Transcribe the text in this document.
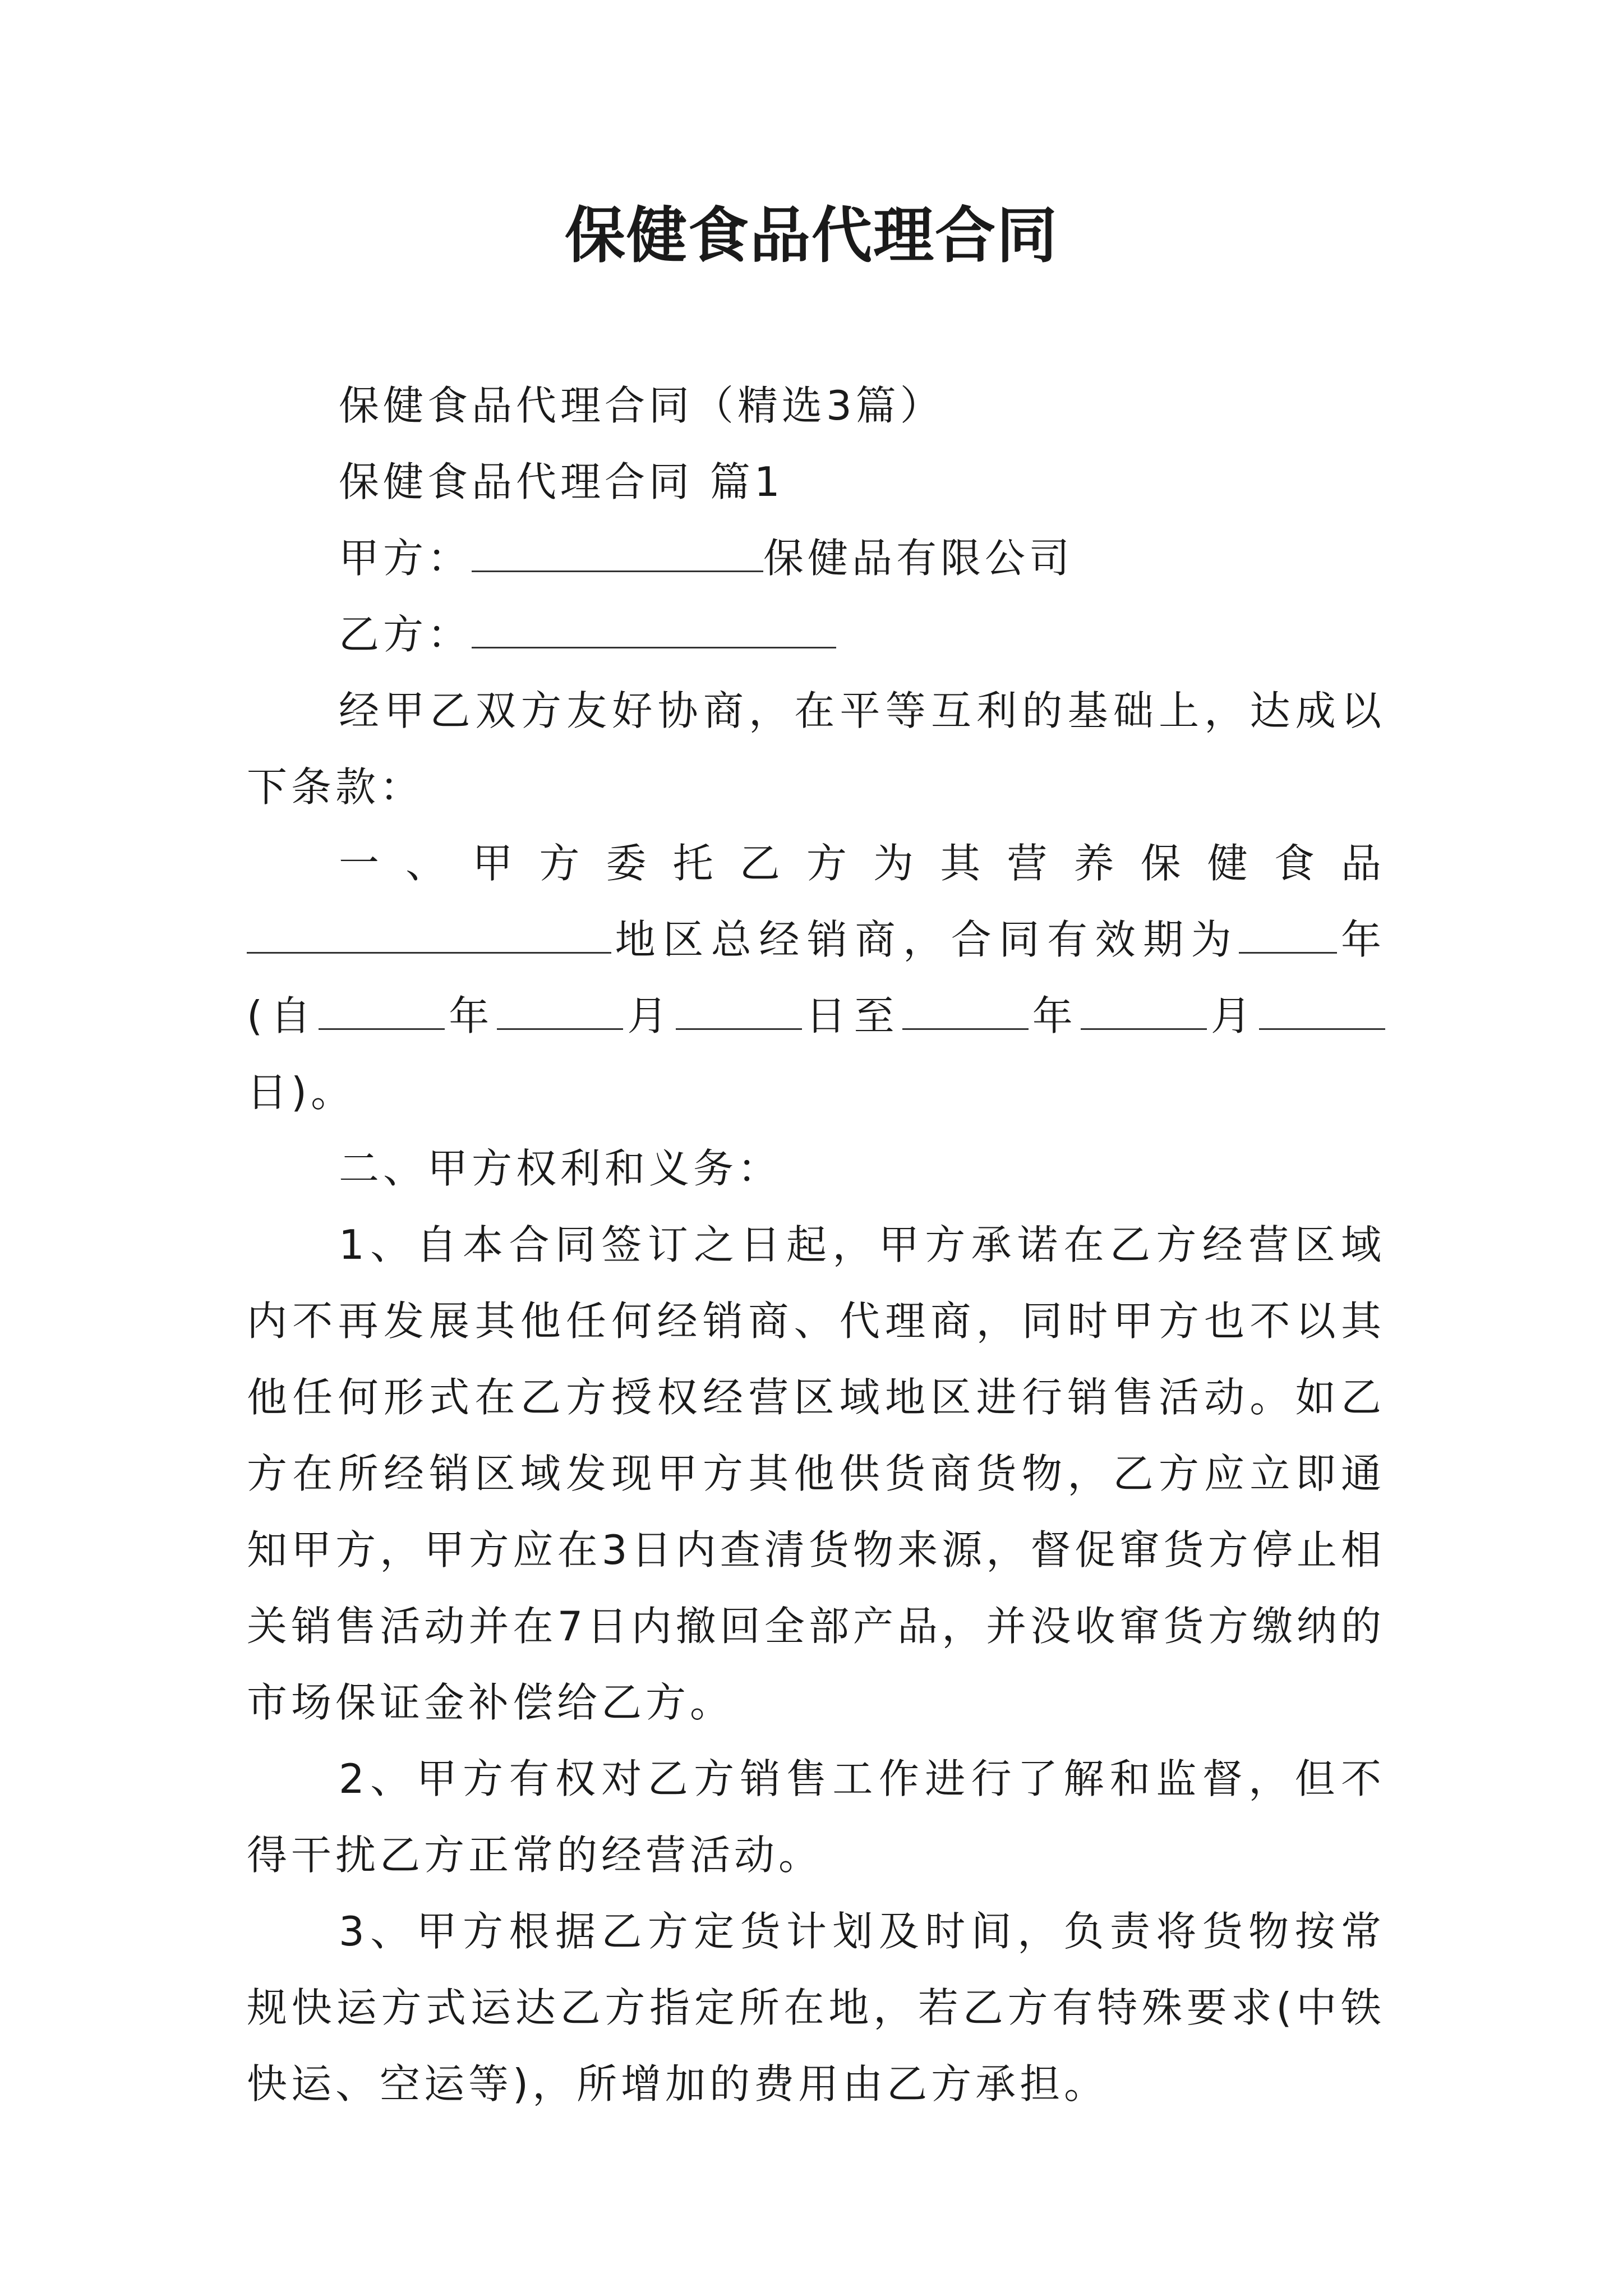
保健食品代理合同

保健食品代理合同（精选3篇）

保健食品代理合同 篇1

甲方：	保健品有限公司

乙方：

经甲乙双方友好协商，在平等互利的基础上，达成以下条款：

一、甲方委托乙方为其营养保健食品 地区总经销商，合同有效期为 年(自	年	月	日至	年	月日)。

二、甲方权利和义务：

1、自本合同签订之日起，甲方承诺在乙方经营区域内不再发展其他任何经销商、代理商，同时甲方也不以其他任何形式在乙方授权经营区域地区进行销售活动。如乙方在所经销区域发现甲方其他供货商货物，乙方应立即通知甲方，甲方应在3日内查清货物来源，督促窜货方停止相关销售活动并在7日内撤回全部产品，并没收窜货方缴纳的市场保证金补偿给乙方。

2、甲方有权对乙方销售工作进行了解和监督，但不得干扰乙方正常的经营活动。

3、甲方根据乙方定货计划及时间，负责将货物按常规快运方式运达乙方指定所在地，若乙方有特殊要求(中铁快运、空运等)，所增加的费用由乙方承担。
